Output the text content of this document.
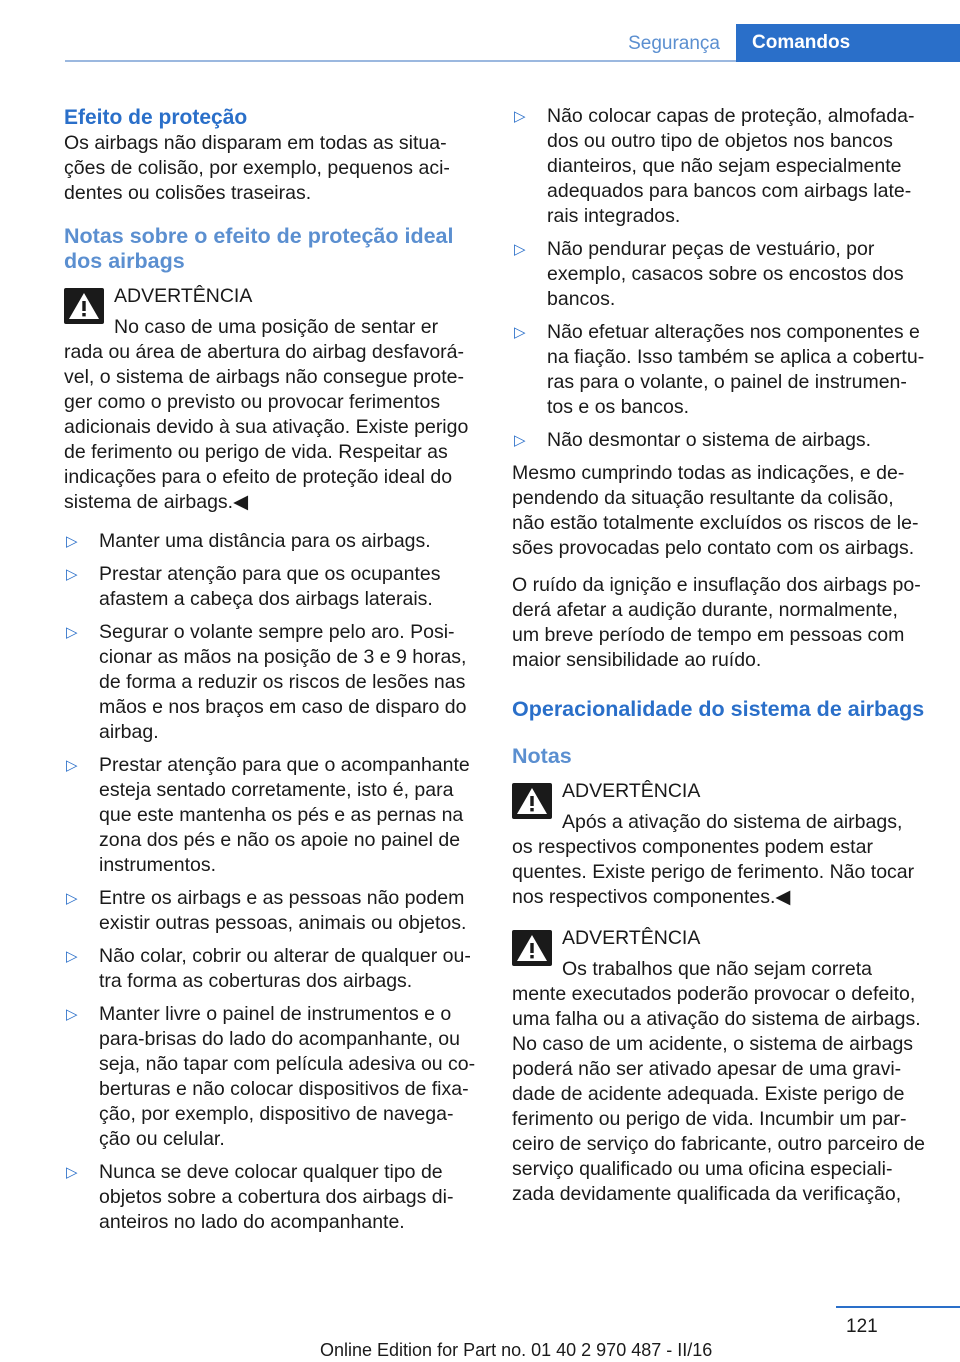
Segurança	Comandos
Efeito de proteção

Os airbags não disparam em todas as situações de colisão, por exemplo, pequenos acidentes ou colisões traseiras.

Notas sobre o efeito de proteção ideal dos airbags
ADVERTÊNCIA
No caso de uma posição de sentar er
rada ou área de abertura do airbag desfavorável, o sistema de airbags não consegue proteger como o previsto ou provocar ferimentos adicionais devido à sua ativação. Existe perigo de ferimento ou perigo de vida. Respeitar as indicações para o efeito de proteção ideal do sistema de airbags.◀
▷ Manter uma distância para os airbags.
▷ Prestar atenção para que os ocupantes afastem a cabeça dos airbags laterais.
▷ Segurar o volante sempre pelo aro. Posicionar as mãos na posição de 3 e 9 horas, de forma a reduzir os riscos de lesões nas mãos e nos braços em caso de disparo do airbag.
▷ Prestar atenção para que o acompanhante esteja sentado corretamente, isto é, para que este mantenha os pés e as pernas na zona dos pés e não os apoie no painel de instrumentos.
▷ Entre os airbags e as pessoas não podem existir outras pessoas, animais ou objetos.
▷ Não colar, cobrir ou alterar de qualquer outra forma as coberturas dos airbags.
▷ Manter livre o painel de instrumentos e o para-brisas do lado do acompanhante, ou seja, não tapar com película adesiva ou coberturas e não colocar dispositivos de fixação, por exemplo, dispositivo de navegação ou celular.
▷ Nunca se deve colocar qualquer tipo de objetos sobre a cobertura dos airbags dianteiros no lado do acompanhante.
▷ Não colocar capas de proteção, almofadados ou outro tipo de objetos nos bancos dianteiros, que não sejam especialmente adequados para bancos com airbags laterais integrados.
▷ Não pendurar peças de vestuário, por exemplo, casacos sobre os encostos dos bancos.
▷ Não efetuar alterações nos componentes e na fiação. Isso também se aplica a coberturas para o volante, o painel de instrumentos e os bancos.
▷ Não desmontar o sistema de airbags.

Mesmo cumprindo todas as indicações, e dependendo da situação resultante da colisão, não estão totalmente excluídos os riscos de lesões provocadas pelo contato com os airbags.

O ruído da ignição e insuflação dos airbags poderá afetar a audição durante, normalmente, um breve período de tempo em pessoas com maior sensibilidade ao ruído.

Operacionalidade do sistema de airbags
Notas
ADVERTÊNCIA
Após a ativação do sistema de airbags,
os respectivos componentes podem estar quentes. Existe perigo de ferimento. Não tocar nos respectivos componentes.◀
ADVERTÊNCIA
Os trabalhos que não sejam correta
mente executados poderão provocar o defeito, uma falha ou a ativação do sistema de airbags. No caso de um acidente, o sistema de airbags poderá não ser ativado apesar de uma gravidade de acidente adequada. Existe perigo de ferimento ou perigo de vida. Incumbir um parceiro de serviço do fabricante, outro parceiro de serviço qualificado ou uma oficina especializada devidamente qualificada da verificação,
121
Online Edition for Part no. 01 40 2 970 487 - II/16
